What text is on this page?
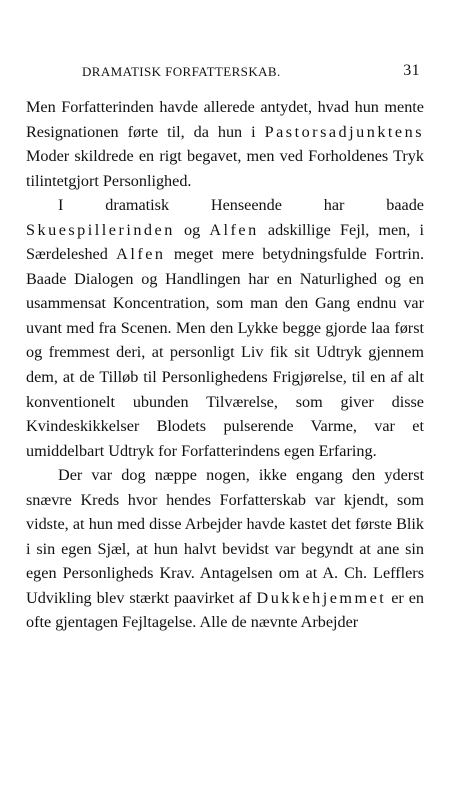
DRAMATISK FORFATTERSKAB.	31

Men Forfatterinden havde allerede antydet, hvad hun mente Resignationen førte til, da hun i Pastorsadjunktens Moder skildrede en rigt begavet, men ved Forholdenes Tryk tilintetgjort Personlighed.

I dramatisk Henseende har baade Skuespillerinden og Alfen adskillige Fejl, men, i Særdeleshed Alfen meget mere betydningsfulde Fortrin. Baade Dialogen og Handlingen har en Naturlighed og en usammensat Koncentration, som man den Gang endnu var uvant med fra Scenen. Men den Lykke begge gjorde laa først og fremmest deri, at personligt Liv fik sit Udtryk gjennem dem, at de Tilløb til Personlighedens Frigjørelse, til en af alt konventionelt ubunden Tilværelse, som giver disse Kvindeskikkelser Blodets pulserende Varme, var et umiddelbart Udtryk for Forfatterindens egen Erfaring.

Der var dog næppe nogen, ikke engang den yderst snævre Kreds hvor hendes Forfatterskab var kjendt, som vidste, at hun med disse Arbejder havde kastet det første Blik i sin egen Sjæl, at hun halvt bevidst var begyndt at ane sin egen Personligheds Krav. Antagelsen om at A. Ch. Lefflers Udvikling blev stærkt paavirket af Dukkehjemmet er en ofte gjentagen Fejltagelse. Alle de nævnte Arbejder
